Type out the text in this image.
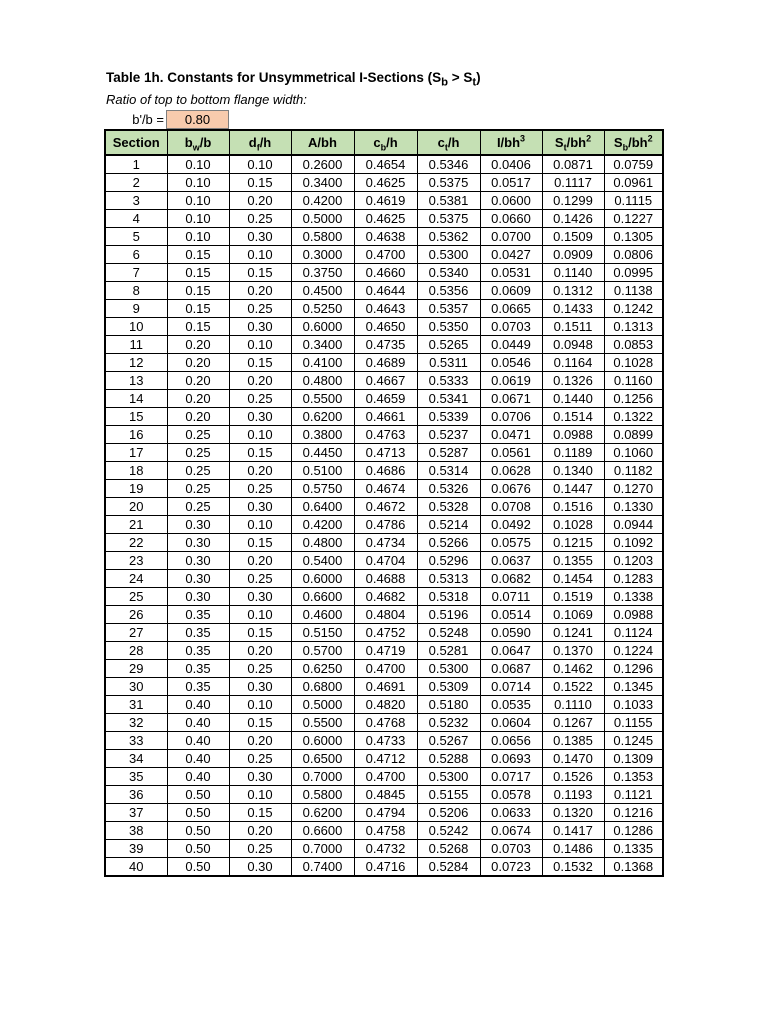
Table 1h. Constants for Unsymmetrical I-Sections $(S_b > S_t)$
Ratio of top to bottom flange width:
b'/b =	0.80
Section	$b_w/b$	$d_f/h$	A/bh	$c_b/h$	$c_t/h$	$I/bh^3$	$S_t/bh^2$	$S_b/bh^2$
1	0.10	0.10	0.2600	0.4654	0.5346	0.0406	0.0871	0.0759
2	0.10	0.15	0.3400	0.4625	0.5375	0.0517	0.1117	0.0961
3	0.10	0.20	0.4200	0.4619	0.5381	0.0600	0.1299	0.1115
4	0.10	0.25	0.5000	0.4625	0.5375	0.0660	0.1426	0.1227
5	0.10	0.30	0.5800	0.4638	0.5362	0.0700	0.1509	0.1305
6	0.15	0.10	0.3000	0.4700	0.5300	0.0427	0.0909	0.0806
7	0.15	0.15	0.3750	0.4660	0.5340	0.0531	0.1140	0.0995
8	0.15	0.20	0.4500	0.4644	0.5356	0.0609	0.1312	0.1138
9	0.15	0.25	0.5250	0.4643	0.5357	0.0665	0.1433	0.1242
10	0.15	0.30	0.6000	0.4650	0.5350	0.0703	0.1511	0.1313
11	0.20	0.10	0.3400	0.4735	0.5265	0.0449	0.0948	0.0853
12	0.20	0.15	0.4100	0.4689	0.5311	0.0546	0.1164	0.1028
13	0.20	0.20	0.4800	0.4667	0.5333	0.0619	0.1326	0.1160
14	0.20	0.25	0.5500	0.4659	0.5341	0.0671	0.1440	0.1256
15	0.20	0.30	0.6200	0.4661	0.5339	0.0706	0.1514	0.1322
16	0.25	0.10	0.3800	0.4763	0.5237	0.0471	0.0988	0.0899
17	0.25	0.15	0.4450	0.4713	0.5287	0.0561	0.1189	0.1060
18	0.25	0.20	0.5100	0.4686	0.5314	0.0628	0.1340	0.1182
19	0.25	0.25	0.5750	0.4674	0.5326	0.0676	0.1447	0.1270
20	0.25	0.30	0.6400	0.4672	0.5328	0.0708	0.1516	0.1330
21	0.30	0.10	0.4200	0.4786	0.5214	0.0492	0.1028	0.0944
22	0.30	0.15	0.4800	0.4734	0.5266	0.0575	0.1215	0.1092
23	0.30	0.20	0.5400	0.4704	0.5296	0.0637	0.1355	0.1203
24	0.30	0.25	0.6000	0.4688	0.5313	0.0682	0.1454	0.1283
25	0.30	0.30	0.6600	0.4682	0.5318	0.0711	0.1519	0.1338
26	0.35	0.10	0.4600	0.4804	0.5196	0.0514	0.1069	0.0988
27	0.35	0.15	0.5150	0.4752	0.5248	0.0590	0.1241	0.1124
28	0.35	0.20	0.5700	0.4719	0.5281	0.0647	0.1370	0.1224
29	0.35	0.25	0.6250	0.4700	0.5300	0.0687	0.1462	0.1296
30	0.35	0.30	0.6800	0.4691	0.5309	0.0714	0.1522	0.1345
31	0.40	0.10	0.5000	0.4820	0.5180	0.0535	0.1110	0.1033
32	0.40	0.15	0.5500	0.4768	0.5232	0.0604	0.1267	0.1155
33	0.40	0.20	0.6000	0.4733	0.5267	0.0656	0.1385	0.1245
34	0.40	0.25	0.6500	0.4712	0.5288	0.0693	0.1470	0.1309
35	0.40	0.30	0.7000	0.4700	0.5300	0.0717	0.1526	0.1353
36	0.50	0.10	0.5800	0.4845	0.5155	0.0578	0.1193	0.1121
37	0.50	0.15	0.6200	0.4794	0.5206	0.0633	0.1320	0.1216
38	0.50	0.20	0.6600	0.4758	0.5242	0.0674	0.1417	0.1286
39	0.50	0.25	0.7000	0.4732	0.5268	0.0703	0.1486	0.1335
40	0.50	0.30	0.7400	0.4716	0.5284	0.0723	0.1532	0.1368
